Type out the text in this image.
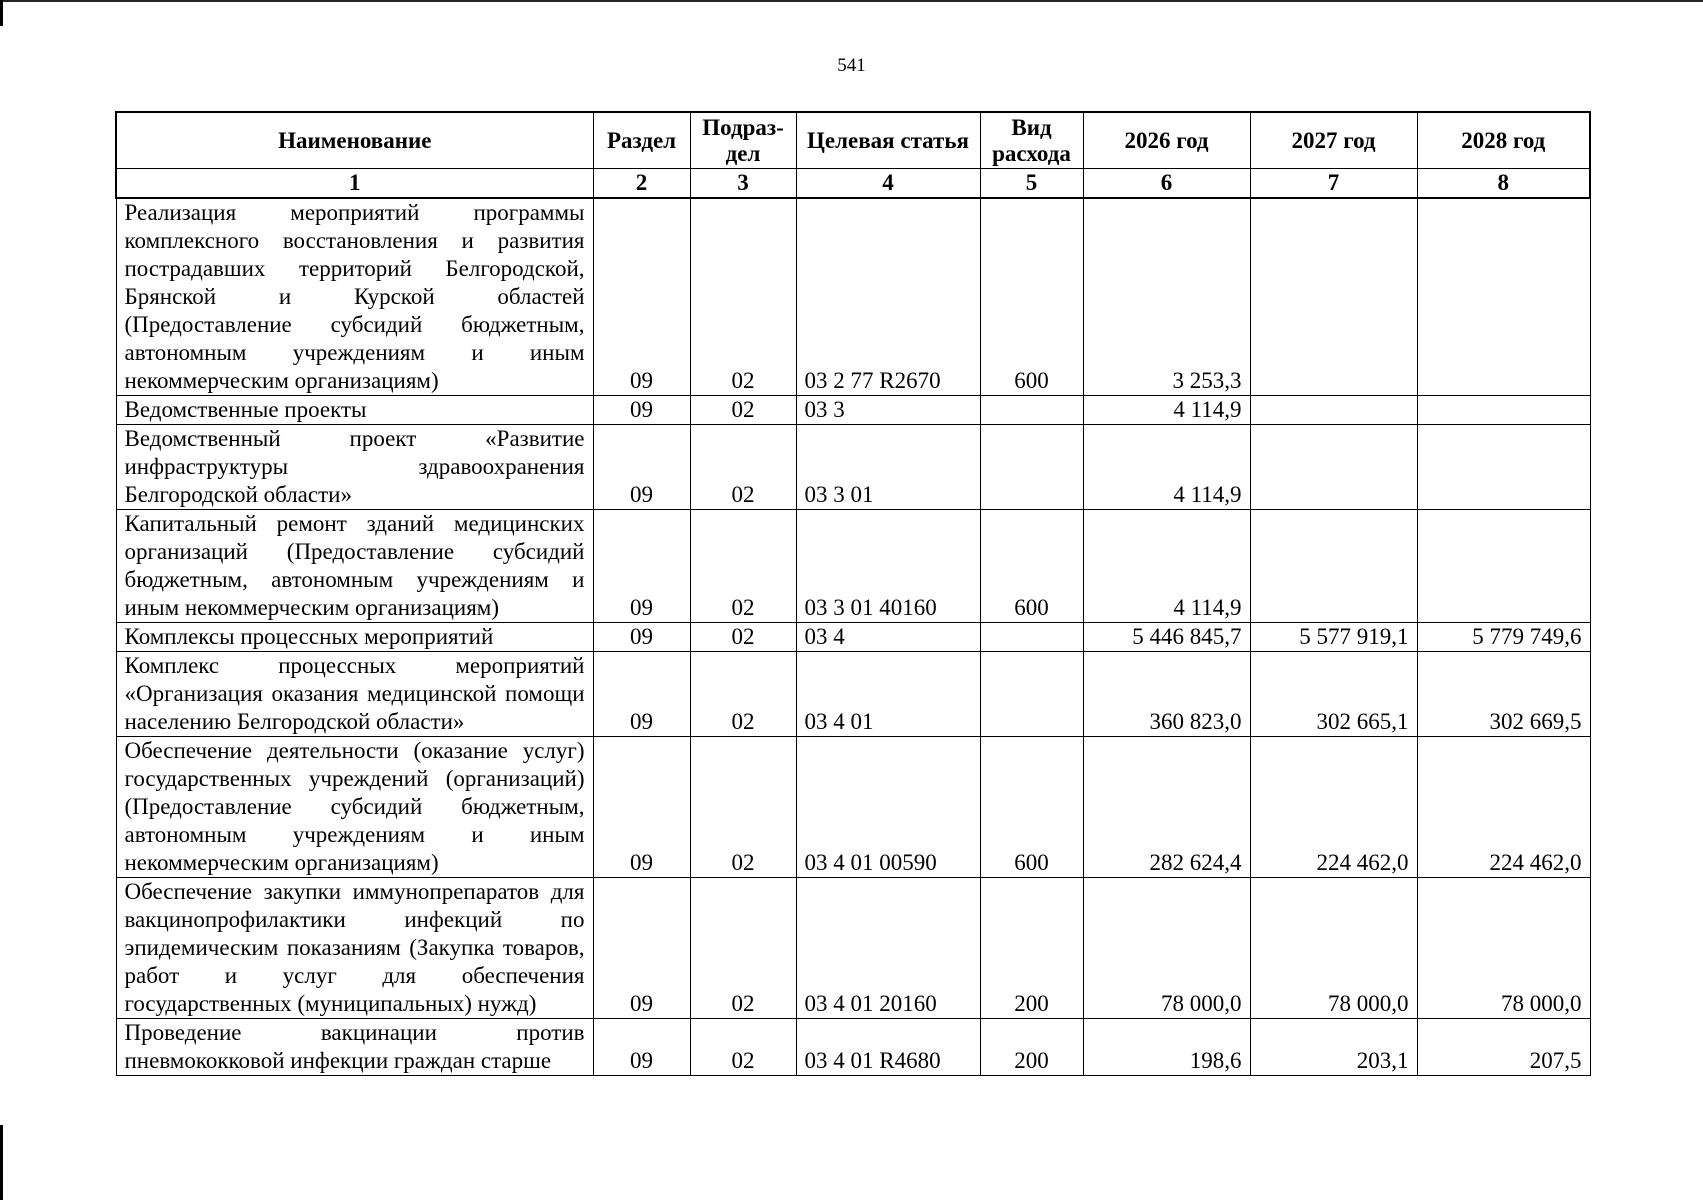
541
Наименование	Раздел	Подраз-дел	Целевая статья	Вид расхода	2026 год	2027 год	2028 год
1	2	3	4	5	6	7	8
Реализация мероприятий программы комплексного восстановления и развития пострадавших территорий Белгородской, Брянской и Курской областей (Предоставление субсидий бюджетным, автономным учреждениям и иным некоммерческим организациям)	09	02	03 2 77 R2670	600	3 253,3		
Ведомственные проекты	09	02	03 3		4 114,9		
Ведомственный проект «Развитие инфраструктуры здравоохранения Белгородской области»	09	02	03 3 01		4 114,9		
Капитальный ремонт зданий медицинских организаций (Предоставление субсидий бюджетным, автономным учреждениям и иным некоммерческим организациям)	09	02	03 3 01 40160	600	4 114,9		
Комплексы процессных мероприятий	09	02	03 4		5 446 845,7	5 577 919,1	5 779 749,6
Комплекс процессных мероприятий «Организация оказания медицинской помощи населению Белгородской области»	09	02	03 4 01		360 823,0	302 665,1	302 669,5
Обеспечение деятельности (оказание услуг) государственных учреждений (организаций) (Предоставление субсидий бюджетным, автономным учреждениям и иным некоммерческим организациям)	09	02	03 4 01 00590	600	282 624,4	224 462,0	224 462,0
Обеспечение закупки иммунопрепаратов для вакцинопрофилактики инфекций по эпидемическим показаниям (Закупка товаров, работ и услуг для обеспечения государственных (муниципальных) нужд)	09	02	03 4 01 20160	200	78 000,0	78 000,0	78 000,0
Проведение вакцинации против пневмококковой инфекции граждан старше	09	02	03 4 01 R4680	200	198,6	203,1	207,5
